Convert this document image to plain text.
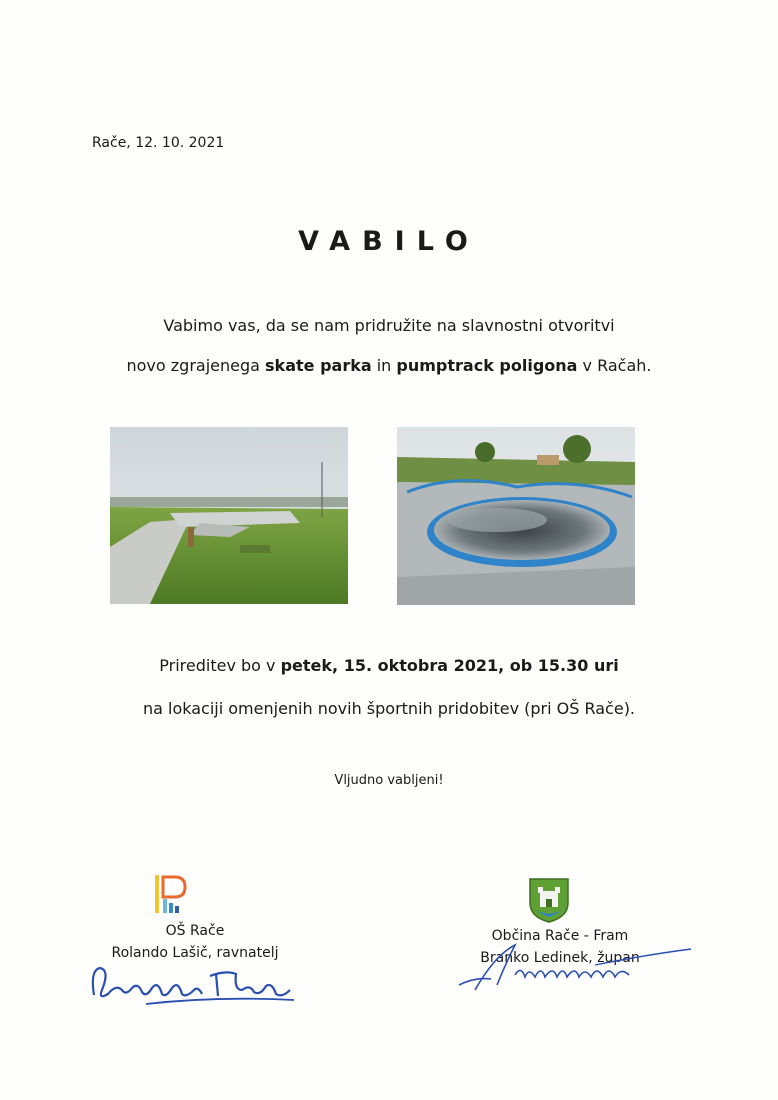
Rače, 12. 10. 2021
VABILO
Vabimo vas, da se nam pridružite na slavnostni otvoritvi
novo zgrajenega skate parka in pumptrack poligona v Račah.
Prireditev bo v petek, 15. oktobra 2021, ob 15.30 uri
na lokaciji omenjenih novih športnih pridobitev (pri OŠ Rače).
Vljudno vabljeni!
OŠ Rače
Rolando Lašič, ravnatelj
Občina Rače - Fram
Branko Ledinek, župan
